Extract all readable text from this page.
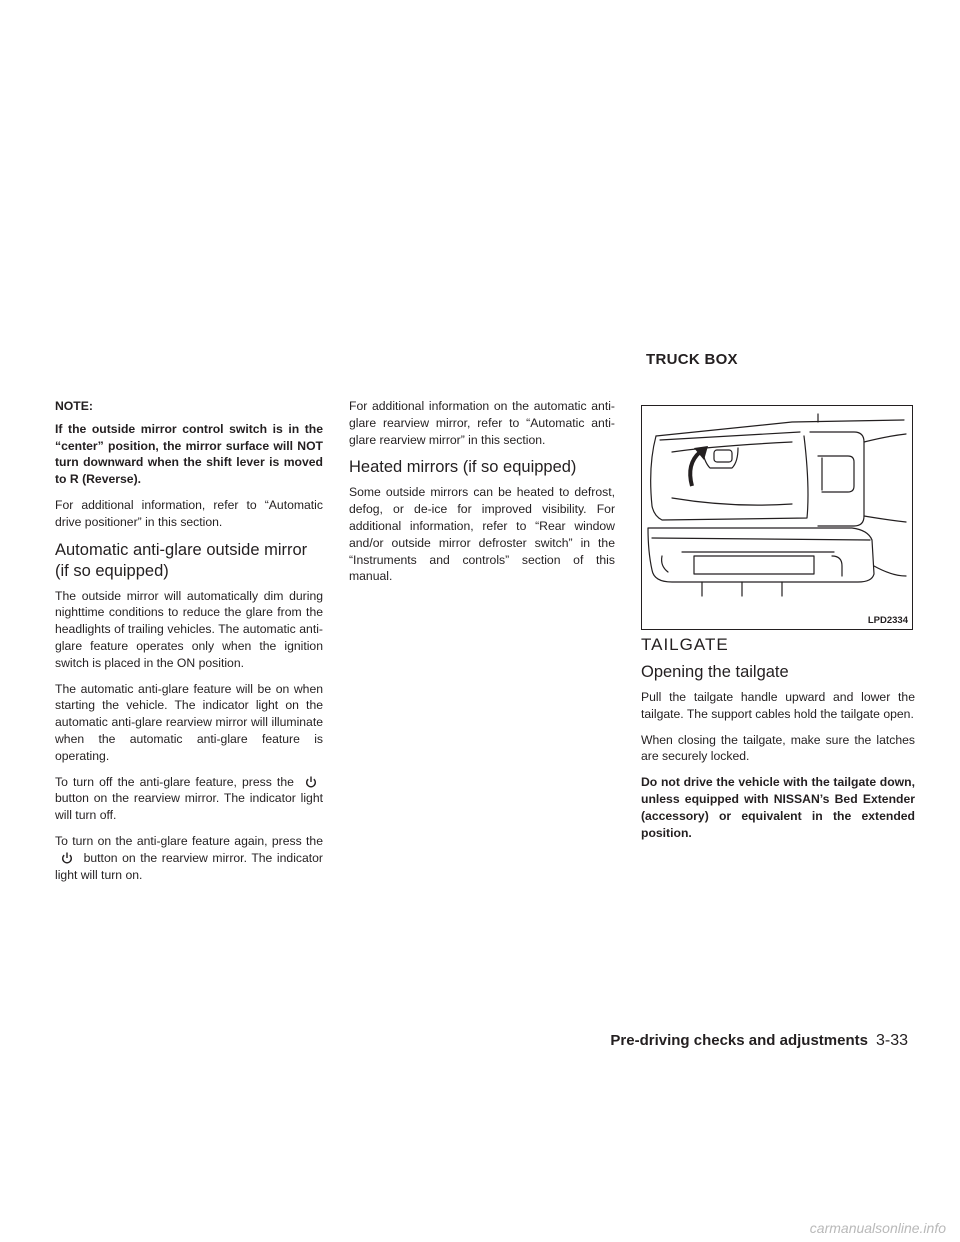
TRUCK BOX

NOTE:

If the outside mirror control switch is in the “center” position, the mirror surface will NOT turn downward when the shift lever is moved to R (Reverse).

For additional information, refer to “Automatic drive positioner” in this section.

Automatic anti-glare outside mirror (if so equipped)

The outside mirror will automatically dim during nighttime conditions to reduce the glare from the headlights of trailing vehicles. The automatic anti-glare feature operates only when the ignition switch is placed in the ON position.

The automatic anti-glare feature will be on when starting the vehicle. The indicator light on the automatic anti-glare rearview mirror will illuminate when the automatic anti-glare feature is operating.

To turn off the anti-glare feature, press the
button on the rearview mirror. The indicator light will turn off.

To turn on the anti-glare feature again, press the
button on the rearview mirror. The indicator light will turn on.

For additional information on the automatic anti-glare rearview mirror, refer to “Automatic anti-glare rearview mirror” in this section.

Heated mirrors (if so equipped)

Some outside mirrors can be heated to defrost, defog, or de-ice for improved visibility. For additional information, refer to “Rear window and/or outside mirror defroster switch” in the “Instruments and controls” section of this manual.

LPD2334
TAILGATE
Opening the tailgate

Pull the tailgate handle upward and lower the tailgate. The support cables hold the tailgate open.

When closing the tailgate, make sure the latches are securely locked.

Do not drive the vehicle with the tailgate down, unless equipped with NISSAN’s Bed Extender (accessory) or equivalent in the extended position.

Pre-driving checks and adjustments 3-33
carmanualsonline.info
